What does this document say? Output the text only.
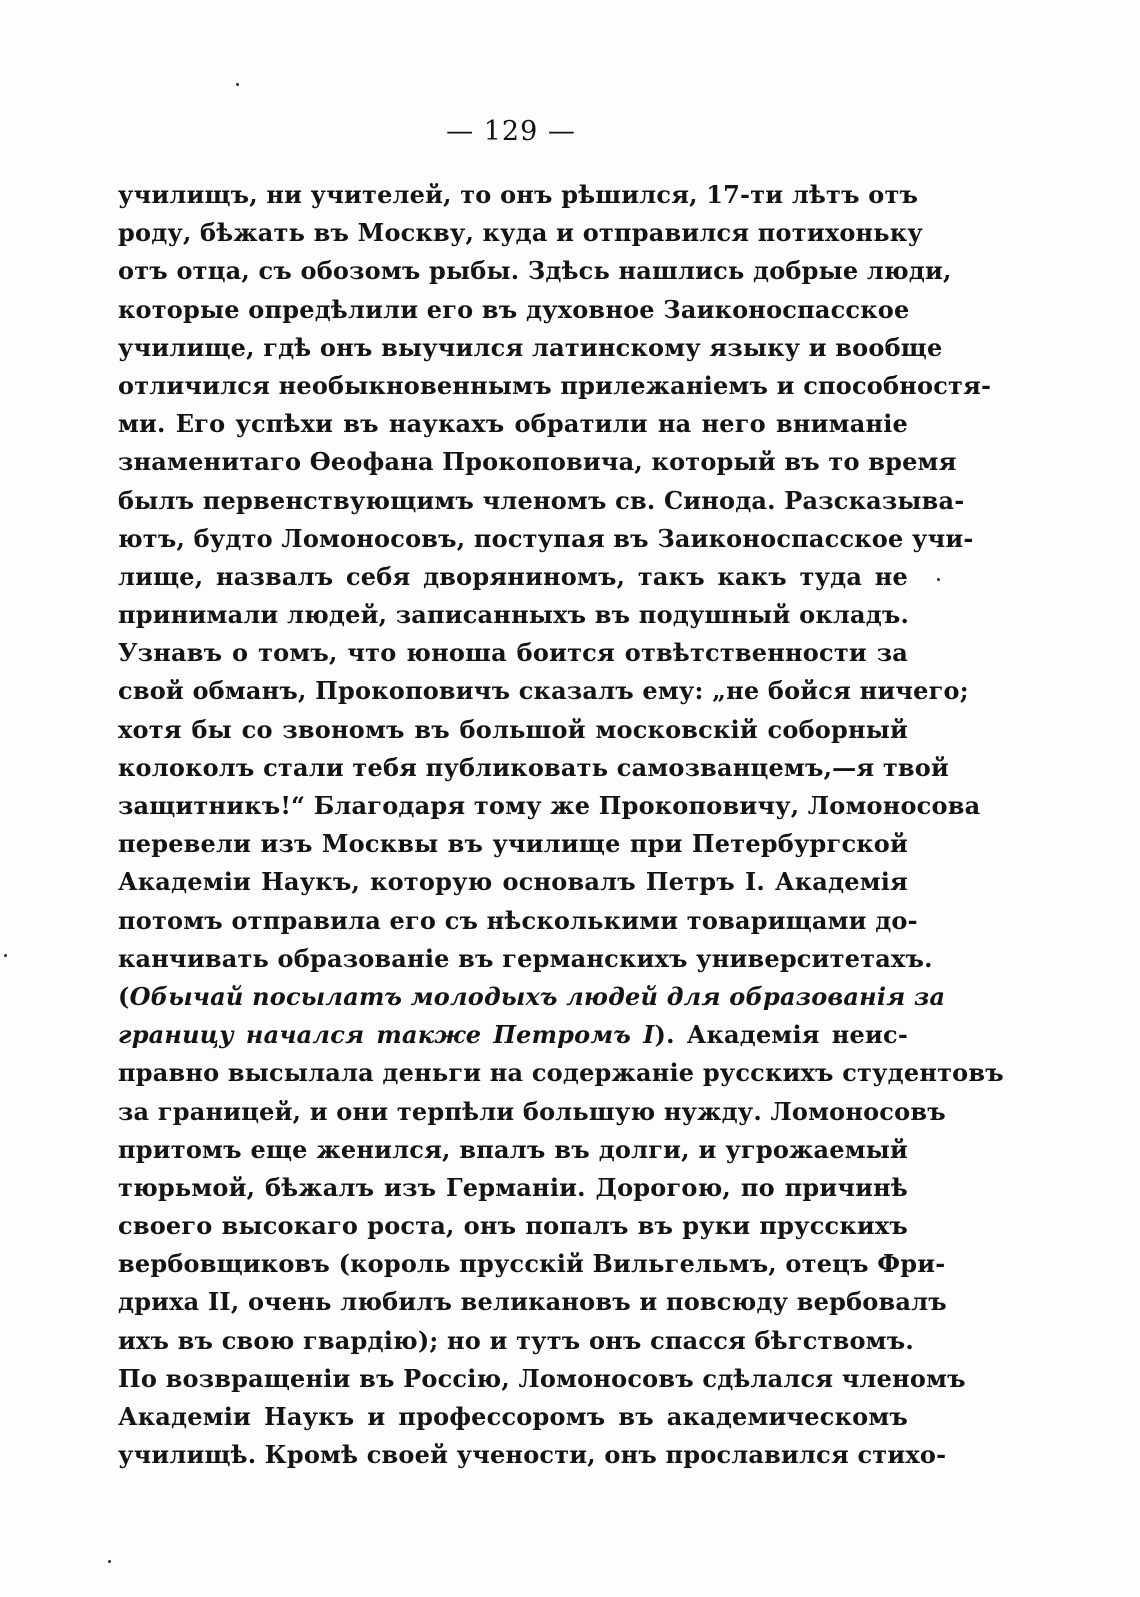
— 129 —
училищъ, ни учителей, то онъ рѣшился, 17-ти лѣтъ отъ
роду, бѣжать въ Москву, куда и отправился потихоньку
отъ отца, съ обозомъ рыбы. Здѣсь нашлись добрые люди,
которые опредѣлили его въ духовное Заиконоспасское
училище, гдѣ онъ выучился латинскому языку и вообще
отличился необыкновеннымъ прилежаніемъ и способностя-
ми. Его успѣхи въ наукахъ обратили на него вниманіе
знаменитаго Ѳеофана Прокоповича, который въ то время
былъ первенствующимъ членомъ св. Синода. Разсказыва-
ютъ, будто Ломоносовъ, поступая въ Заиконоспасское учи-
лище, назвалъ себя дворяниномъ, такъ какъ туда не
принимали людей, записанныхъ въ подушный окладъ.
Узнавъ о томъ, что юноша боится отвѣтственности за
свой обманъ, Прокоповичъ сказалъ ему: „не бойся ничего;
хотя бы со звономъ въ большой московскій соборный
колоколъ стали тебя публиковать самозванцемъ,—я твой
защитникъ!“ Благодаря тому же Прокоповичу, Ломоносова
перевели изъ Москвы въ училище при Петербургской
Академіи Наукъ, которую основалъ Петръ I. Академія
потомъ отправила его съ нѣсколькими товарищами до-
канчивать образованіе въ германскихъ университетахъ.
(Обычай посылатъ молодыхъ людей для образованія за
границу начался также Петромъ I). Академія неис-
правно высылала деньги на содержаніе русскихъ студентовъ
за границей, и они терпѣли большую нужду. Ломоносовъ
притомъ еще женился, впалъ въ долги, и угрожаемый
тюрьмой, бѣжалъ изъ Германіи. Дорогою, по причинѣ
своего высокаго роста, онъ попалъ въ руки прусскихъ
вербовщиковъ (король прусскій Вильгельмъ, отецъ Фри-
дриха II, очень любилъ великановъ и повсюду вербовалъ
ихъ въ свою гвардію); но и тутъ онъ спасся бѣгствомъ.
По возвращеніи въ Россію, Ломоносовъ сдѣлался членомъ
Академіи Наукъ и профессоромъ въ академическомъ
училищѣ. Кромѣ своей учености, онъ прославился стихо-
